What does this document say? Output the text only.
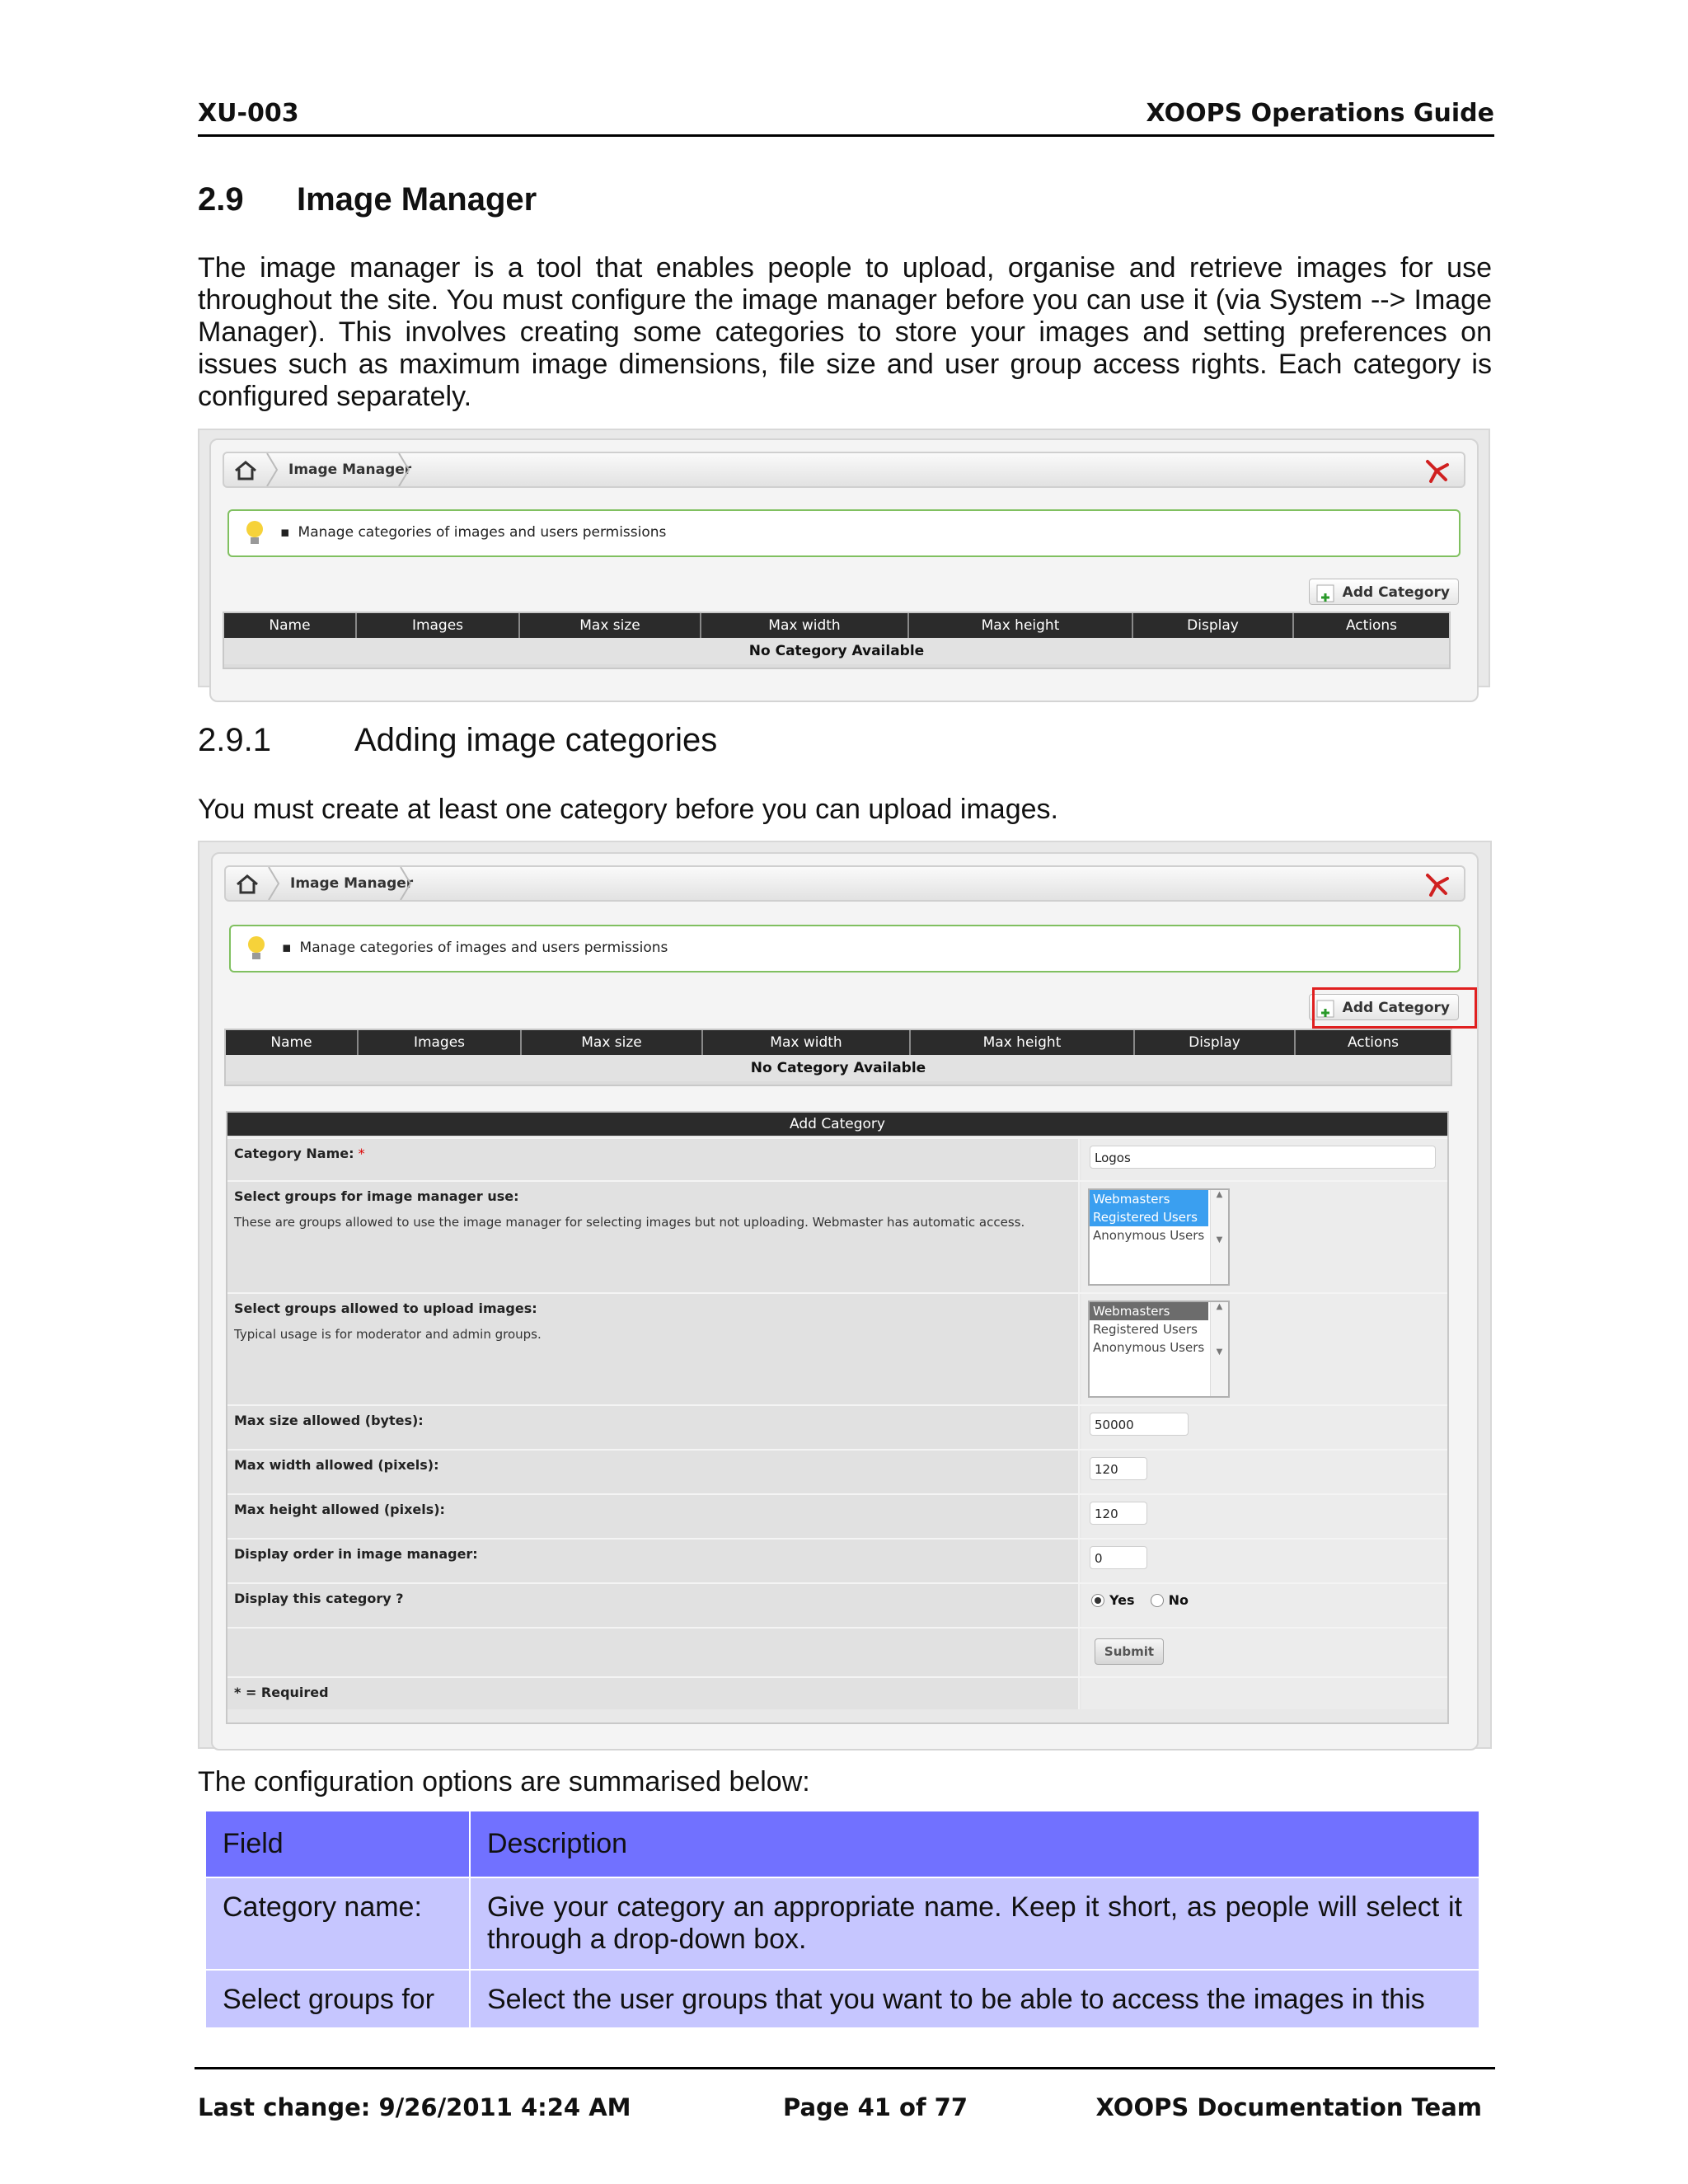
XU-003	XOOPS Operations Guide
2.9 Image Manager

The image manager is a tool that enables people to upload, organise and retrieve images for use throughout the site. You must configure the image manager before you can use it (via System --> Image Manager). This involves creating some categories to store your images and setting preferences on issues such as maximum image dimensions, file size and user group access rights. Each category is configured separately.

Image Manager
▪ Manage categories of images and users permissions
Add Category
Name	Images	Max size	Max width	Max height	Display	Actions
No Category Available
2.9.1	Adding image categories

You must create at least one category before you can upload images.

Image Manager
▪ Manage categories of images and users permissions
Add Category
Name	Images	Max size	Max width	Max height	Display	Actions
No Category Available
Add Category
Category Name: *	Logos
Select groups for image manager use:
These are groups allowed to use the image manager for selecting images but not uploading. Webmaster has automatic access.
Webmasters
Registered Users
Anonymous Users
▲

▼
Select groups allowed to upload images:
Typical usage is for moderator and admin groups.
Webmasters
Registered Users
Anonymous Users
▲

▼
Max size allowed (bytes):	50000
Max width allowed (pixels):	120
Max height allowed (pixels):	120
Display order in image manager:	0
Display this category ?	Yes	No
Submit
* = Required

The configuration options are summarised below:

Field	Description
Category name:	Give your category an appropriate name. Keep it short, as people will select it through a drop-down box.
Select groups for	Select the user groups that you want to be able to access the images in this
Last change: 9/26/2011 4:24 AM	Page 41 of 77	XOOPS Documentation Team
